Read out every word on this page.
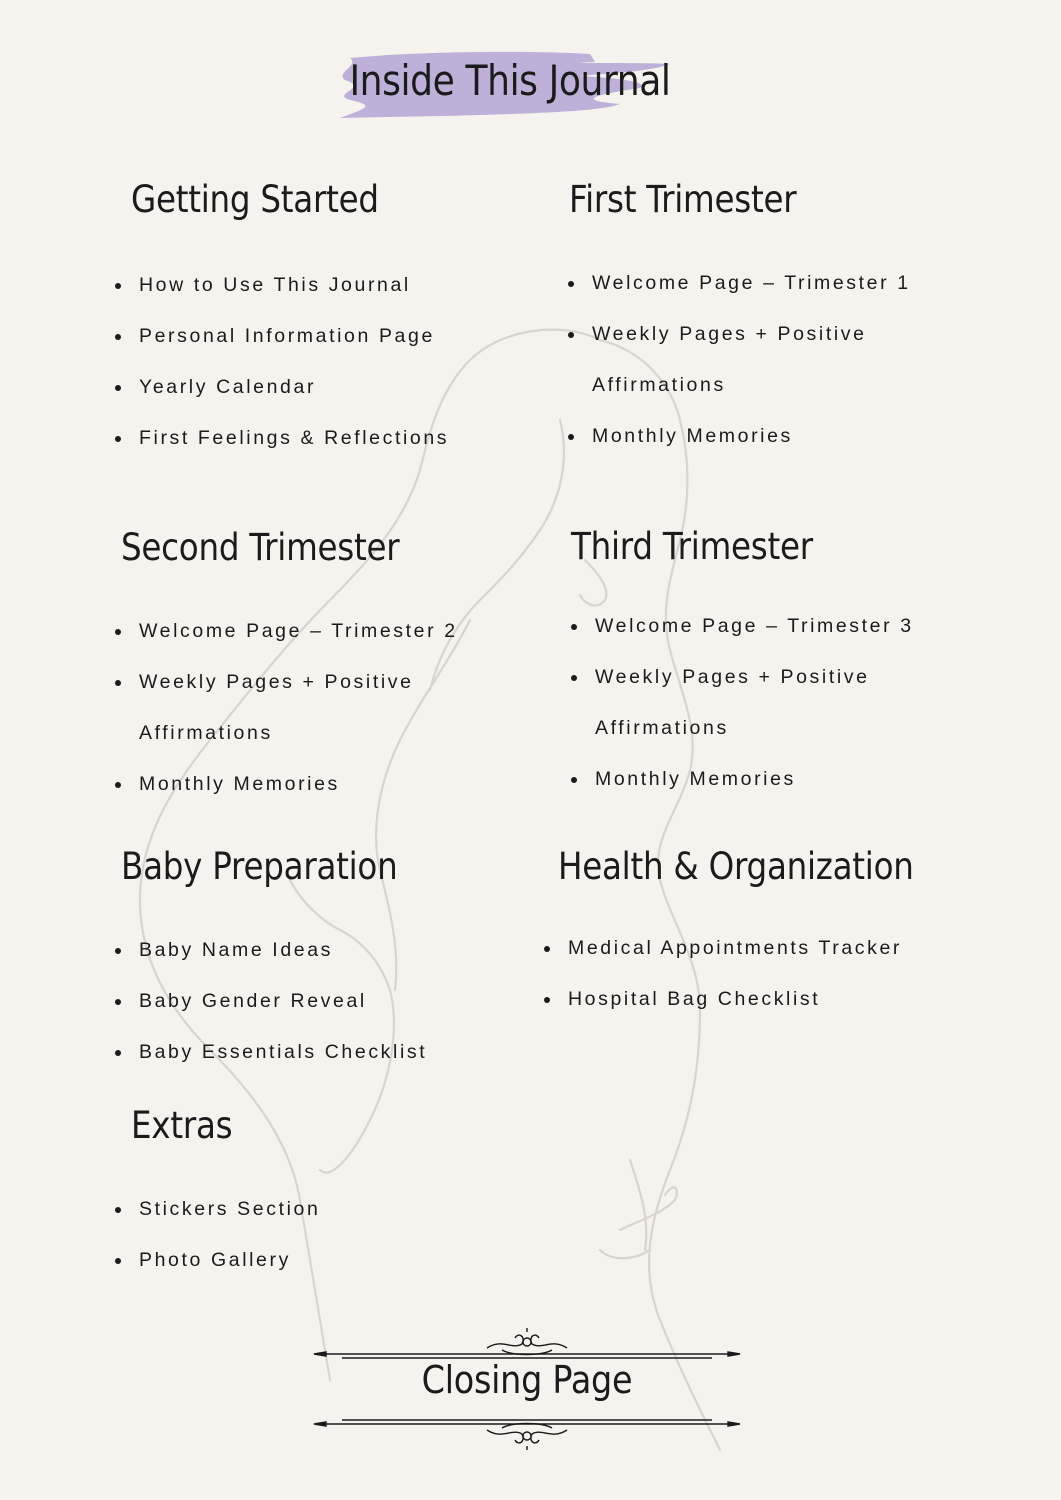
Inside This Journal
Getting Started
How to Use This Journal
Personal Information Page
Yearly Calendar
First Feelings & Reflections
First Trimester
Welcome Page – Trimester 1
Weekly Pages + Positive Affirmations
Monthly Memories
Second Trimester
Welcome Page – Trimester 2
Weekly Pages + Positive Affirmations
Monthly Memories
Third Trimester
Welcome Page – Trimester 3
Weekly Pages + Positive Affirmations
Monthly Memories
Baby Preparation
Baby Name Ideas
Baby Gender Reveal
Baby Essentials Checklist
Health & Organization
Medical Appointments Tracker
Hospital Bag Checklist
Extras
Stickers Section
Photo Gallery
Closing Page
